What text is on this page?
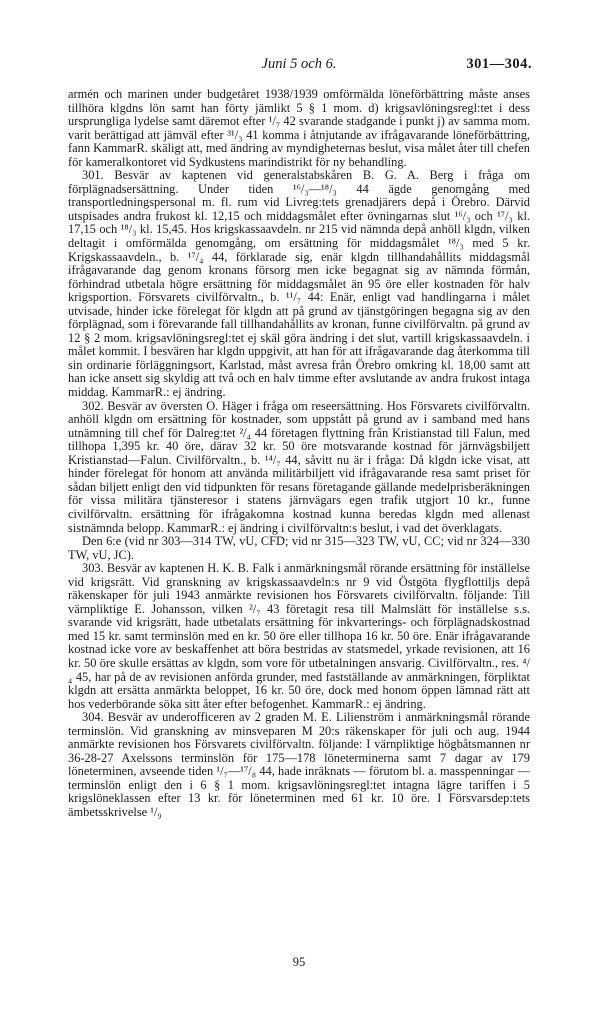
Juni 5 och 6.	301—304.

armén och marinen under budgetåret 1938/1939 omförmälda löneförbättring måste anses tillhöra klgdns lön samt han förty jämlikt 5 § 1 mom. d) krigsavlöningsregl:tet i dess ursprungliga lydelse samt däremot efter ¹/₇ 42 svarande stadgande i punkt j) av samma mom. varit berättigad att jämväl efter ³¹/₃ 41 komma i åtnjutande av ifrågavarande löneförbättring, fann KammarR. skäligt att, med ändring av myndigheternas beslut, visa målet åter till chefen för kameralkontoret vid Sydkustens marindistrikt för ny behandling.

301. Besvär av kaptenen vid generalstabskåren B. G. A. Berg i fråga om förplägnadsersättning. Under tiden ¹⁶/₃—¹⁸/₃ 44 ägde genomgång med transportledningspersonal m. fl. rum vid Livreg:tets grenadjärers depå i Örebro. Därvid utspisades andra frukost kl. 12,15 och middagsmålet efter övningarnas slut ¹⁶/₃ och ¹⁷/₃ kl. 17,15 och ¹⁸/₃ kl. 15,45. Hos krigskassaavdeln. nr 215 vid nämnda depå anhöll klgdn, vilken deltagit i omförmälda genomgång, om ersättning för middagsmålet ¹⁸/₃ med 5 kr. Krigskassaavdeln., b. ¹⁷/₄ 44, förklarade sig, enär klgdn tillhandahållits middagsmål ifrågavarande dag genom kronans försorg men icke begagnat sig av nämnda förmån, förhindrad utbetala högre ersättning för middagsmålet än 95 öre eller kostnaden för halv krigsportion. Försvarets civilförvaltn., b. ¹¹/₇ 44: Enär, enligt vad handlingarna i målet utvisade, hinder icke förelegat för klgdn att på grund av tjänstgöringen begagna sig av den förplägnad, som i förevarande fall tillhandahållits av kronan, funne civilförvaltn. på grund av 12 § 2 mom. krigsavlöningsregl:tet ej skäl göra ändring i det slut, vartill krigskassaavdeln. i målet kommit. I besvären har klgdn uppgivit, att han för att ifrågavarande dag återkomma till sin ordinarie förläggningsort, Karlstad, måst avresa från Örebro omkring kl. 18,00 samt att han icke ansett sig skyldig att två och en halv timme efter avslutande av andra frukost intaga middag. KammarR.: ej ändring.

302. Besvär av översten O. Häger i fråga om reseersättning. Hos Försvarets civilförvaltn. anhöll klgdn om ersättning för kostnader, som uppstått på grund av i samband med hans utnämning till chef för Dalreg:tet ²/₄ 44 företagen flyttning från Kristianstad till Falun, med tillhopa 1,395 kr. 40 öre, därav 32 kr. 50 öre motsvarande kostnad för järnvägsbiljett Kristianstad—Falun. Civilförvaltn., b. ¹⁴/₇ 44, såvitt nu är i fråga: Då klgdn icke visat, att hinder förelegat för honom att använda militärbiljett vid ifrågavarande resa samt priset för sådan biljett enligt den vid tidpunkten för resans företagande gällande medelprisberäkningen för vissa militära tjänsteresor i statens järnvägars egen trafik utgjort 10 kr., funne civilförvaltn. ersättning för ifrågakomna kostnad kunna beredas klgdn med allenast sistnämnda belopp. KammarR.: ej ändring i civilförvaltn:s beslut, i vad det överklagats.

Den 6:e (vid nr 303—314 TW, vU, CFD; vid nr 315—323 TW, vU, CC; vid nr 324—330 TW, vU, JC).

303. Besvär av kaptenen H. K. B. Falk i anmärkningsmål rörande ersättning för inställelse vid krigsrätt. Vid granskning av krigskassaavdeln:s nr 9 vid Östgöta flygflottiljs depå räkenskaper för juli 1943 anmärkte revisionen hos Försvarets civilförvaltn. följande: Till värnpliktige E. Johansson, vilken ²/₇ 43 företagit resa till Malmslätt för inställelse s.s. svarande vid krigsrätt, hade utbetalats ersättning för inkvarterings- och förplägnadskostnad med 15 kr. samt terminslön med en kr. 50 öre eller tillhopa 16 kr. 50 öre. Enär ifrågavarande kostnad icke vore av beskaffenhet att böra bestridas av statsmedel, yrkade revisionen, att 16 kr. 50 öre skulle ersättas av klgdn, som vore för utbetalningen ansvarig. Civilförvaltn., res. ⁴/₄ 45, har på de av revisionen anförda grunder, med fastställande av anmärkningen, förpliktat klgdn att ersätta anmärkta beloppet, 16 kr. 50 öre, dock med honom öppen lämnad rätt att hos vederbörande söka sitt åter efter befogenhet. KammarR.: ej ändring.

304. Besvär av underofficeren av 2 graden M. E. Lilienström i anmärkningsmål rörande terminslön. Vid granskning av minsveparen M 20:s räkenskaper för juli och aug. 1944 anmärkte revisionen hos Försvarets civilförvaltn. följande: I värnpliktige högbåtsmannen nr 36-28-27 Axelssons terminslön för 175—178 löneterminerna samt 7 dagar av 179 löneterminen, avseende tiden ¹/₇—¹⁷/₈ 44, hade inräknats — förutom bl. a. masspenningar — terminslön enligt den i 6 § 1 mom. krigsavlöningsregl:tet intagna lägre tariffen i 5 krigslöneklassen efter 13 kr. för löneterminen med 61 kr. 10 öre. I Försvarsdep:tets ämbetsskrivelse ¹/₉

95
